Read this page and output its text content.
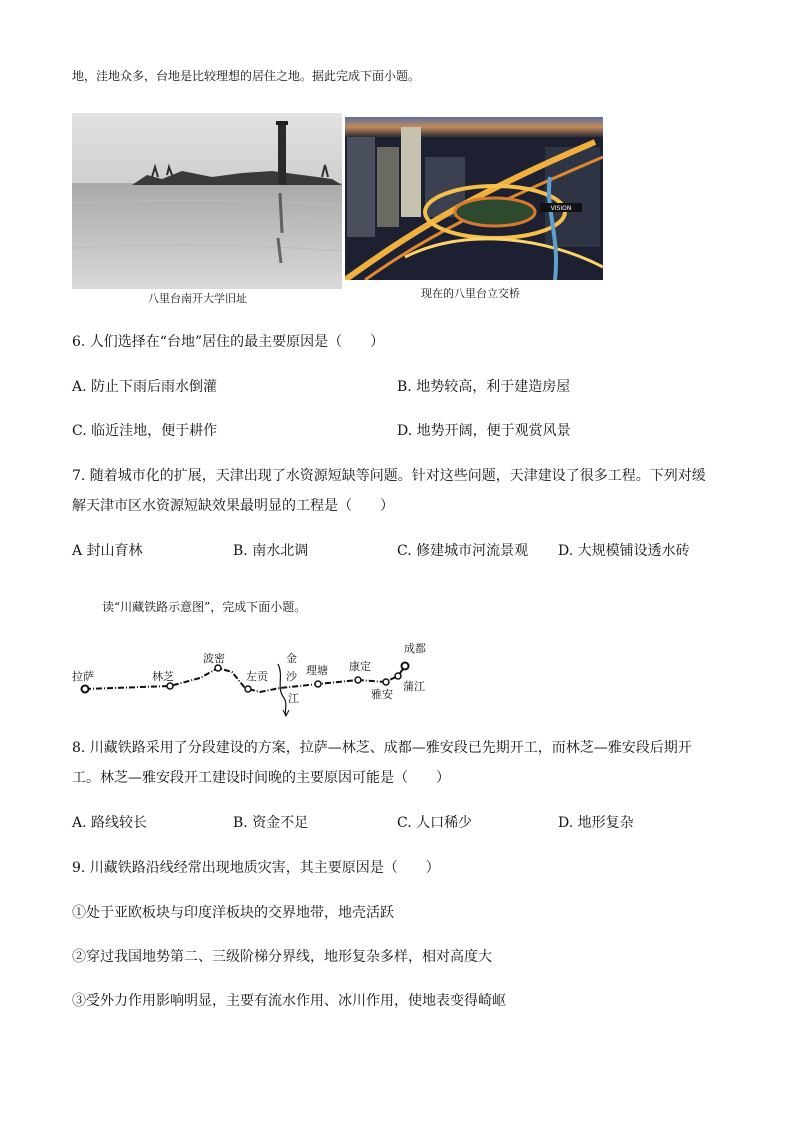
地，洼地众多，台地是比较理想的居住之地。据此完成下面小题。
八里台南开大学旧址
VISION
现在的八里台立交桥
6. 人们选择在“台地”居住的最主要原因是（　　）
A. 防止下雨后雨水倒灌	B. 地势较高，利于建造房屋
C. 临近洼地，便于耕作	D. 地势开阔，便于观赏风景
7. 随着城市化的扩展，天津出现了水资源短缺等问题。针对这些问题，天津建设了很多工程。下列对缓
解天津市区水资源短缺效果最明显的工程是（　　）
A 封山育林	B. 南水北调	C. 修建城市河流景观 D. 大规模铺设透水砖
读“川藏铁路示意图”，完成下面小题。
拉萨	林芝
波密
左贡	理塘 康定
雅安
蒲江
成都
金
沙
江
8. 川藏铁路采用了分段建设的方案，拉萨—林芝、成都—雅安段已先期开工，而林芝—雅安段后期开
工。林芝—雅安段开工建设时间晚的主要原因可能是（　　）
A. 路线较长	B. 资金不足	C. 人口稀少	D. 地形复杂
9. 川藏铁路沿线经常出现地质灾害，其主要原因是（　　）
①处于亚欧板块与印度洋板块的交界地带，地壳活跃
②穿过我国地势第二、三级阶梯分界线，地形复杂多样，相对高度大
③受外力作用影响明显，主要有流水作用、冰川作用，使地表变得崎岖
